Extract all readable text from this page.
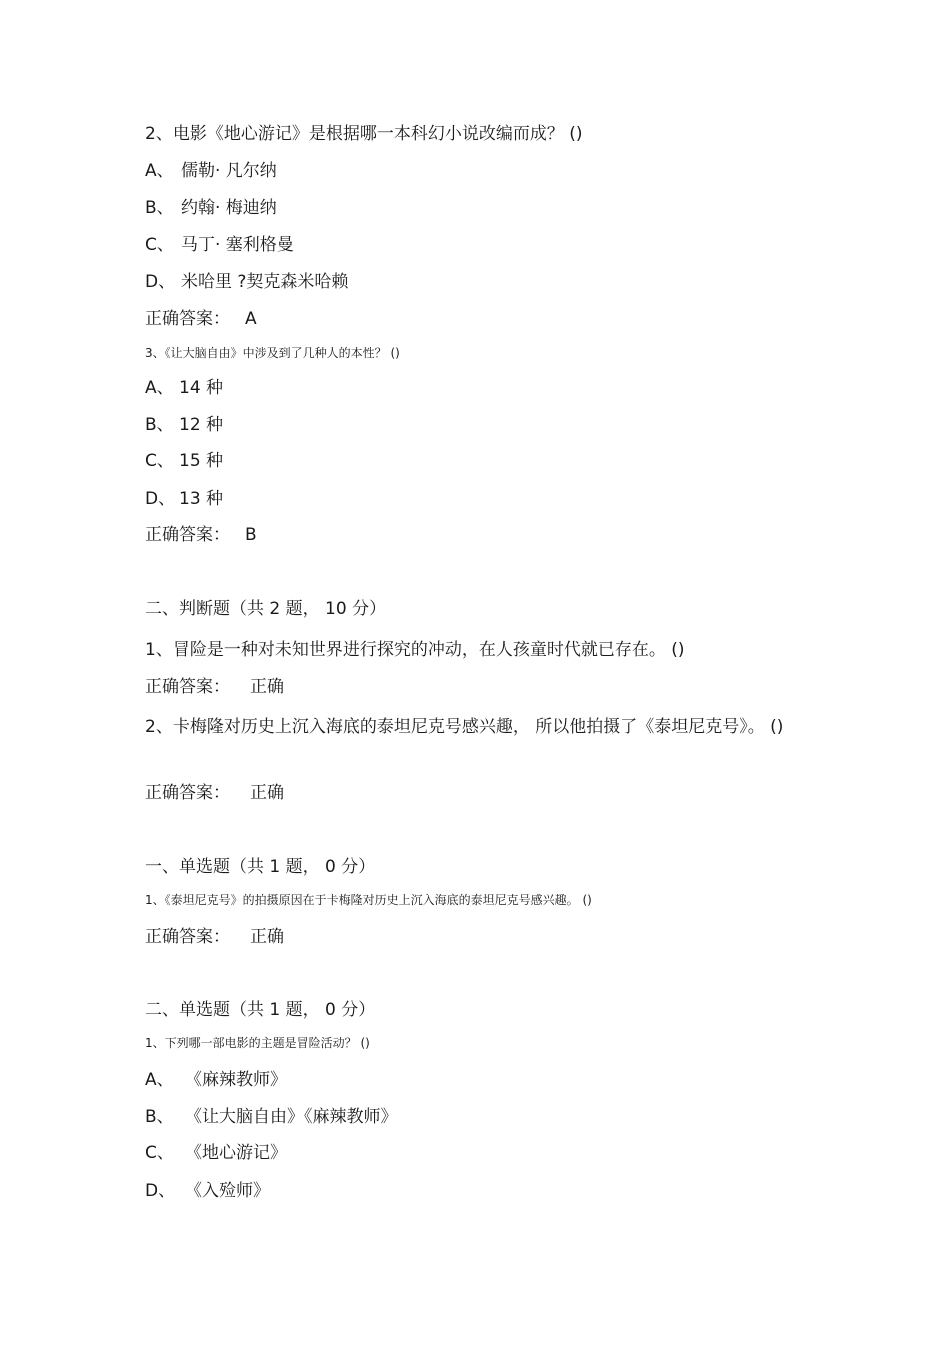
2、电影《地心游记》是根据哪一本科幻小说改编而成？ ()
A、 儒勒· 凡尔纳
B、 约翰· 梅迪纳
C、 马丁· 塞利格曼
D、 米哈里 ?契克森米哈赖
正确答案： A
3、《让大脑自由》中涉及到了几种人的本性？ ()
A、 14 种
B、 12 种
C、 15 种
D、 13 种
正确答案： B
二、判断题（共 2 题， 10 分）
1、冒险是一种对未知世界进行探究的冲动，在人孩童时代就已存在。 ()
正确答案： 正确
2、卡梅隆对历史上沉入海底的泰坦尼克号感兴趣， 所以他拍摄了《泰坦尼克号》。 ()
正确答案： 正确
一、单选题（共 1 题， 0 分）
1、《泰坦尼克号》的拍摄原因在于卡梅隆对历史上沉入海底的泰坦尼克号感兴趣。 ()
正确答案： 正确
二、单选题（共 1 题， 0 分）
1、下列哪一部电影的主题是冒险活动？ ()
A、 《麻辣教师》
B、 《让大脑自由》《麻辣教师》
C、 《地心游记》
D、 《入殓师》
